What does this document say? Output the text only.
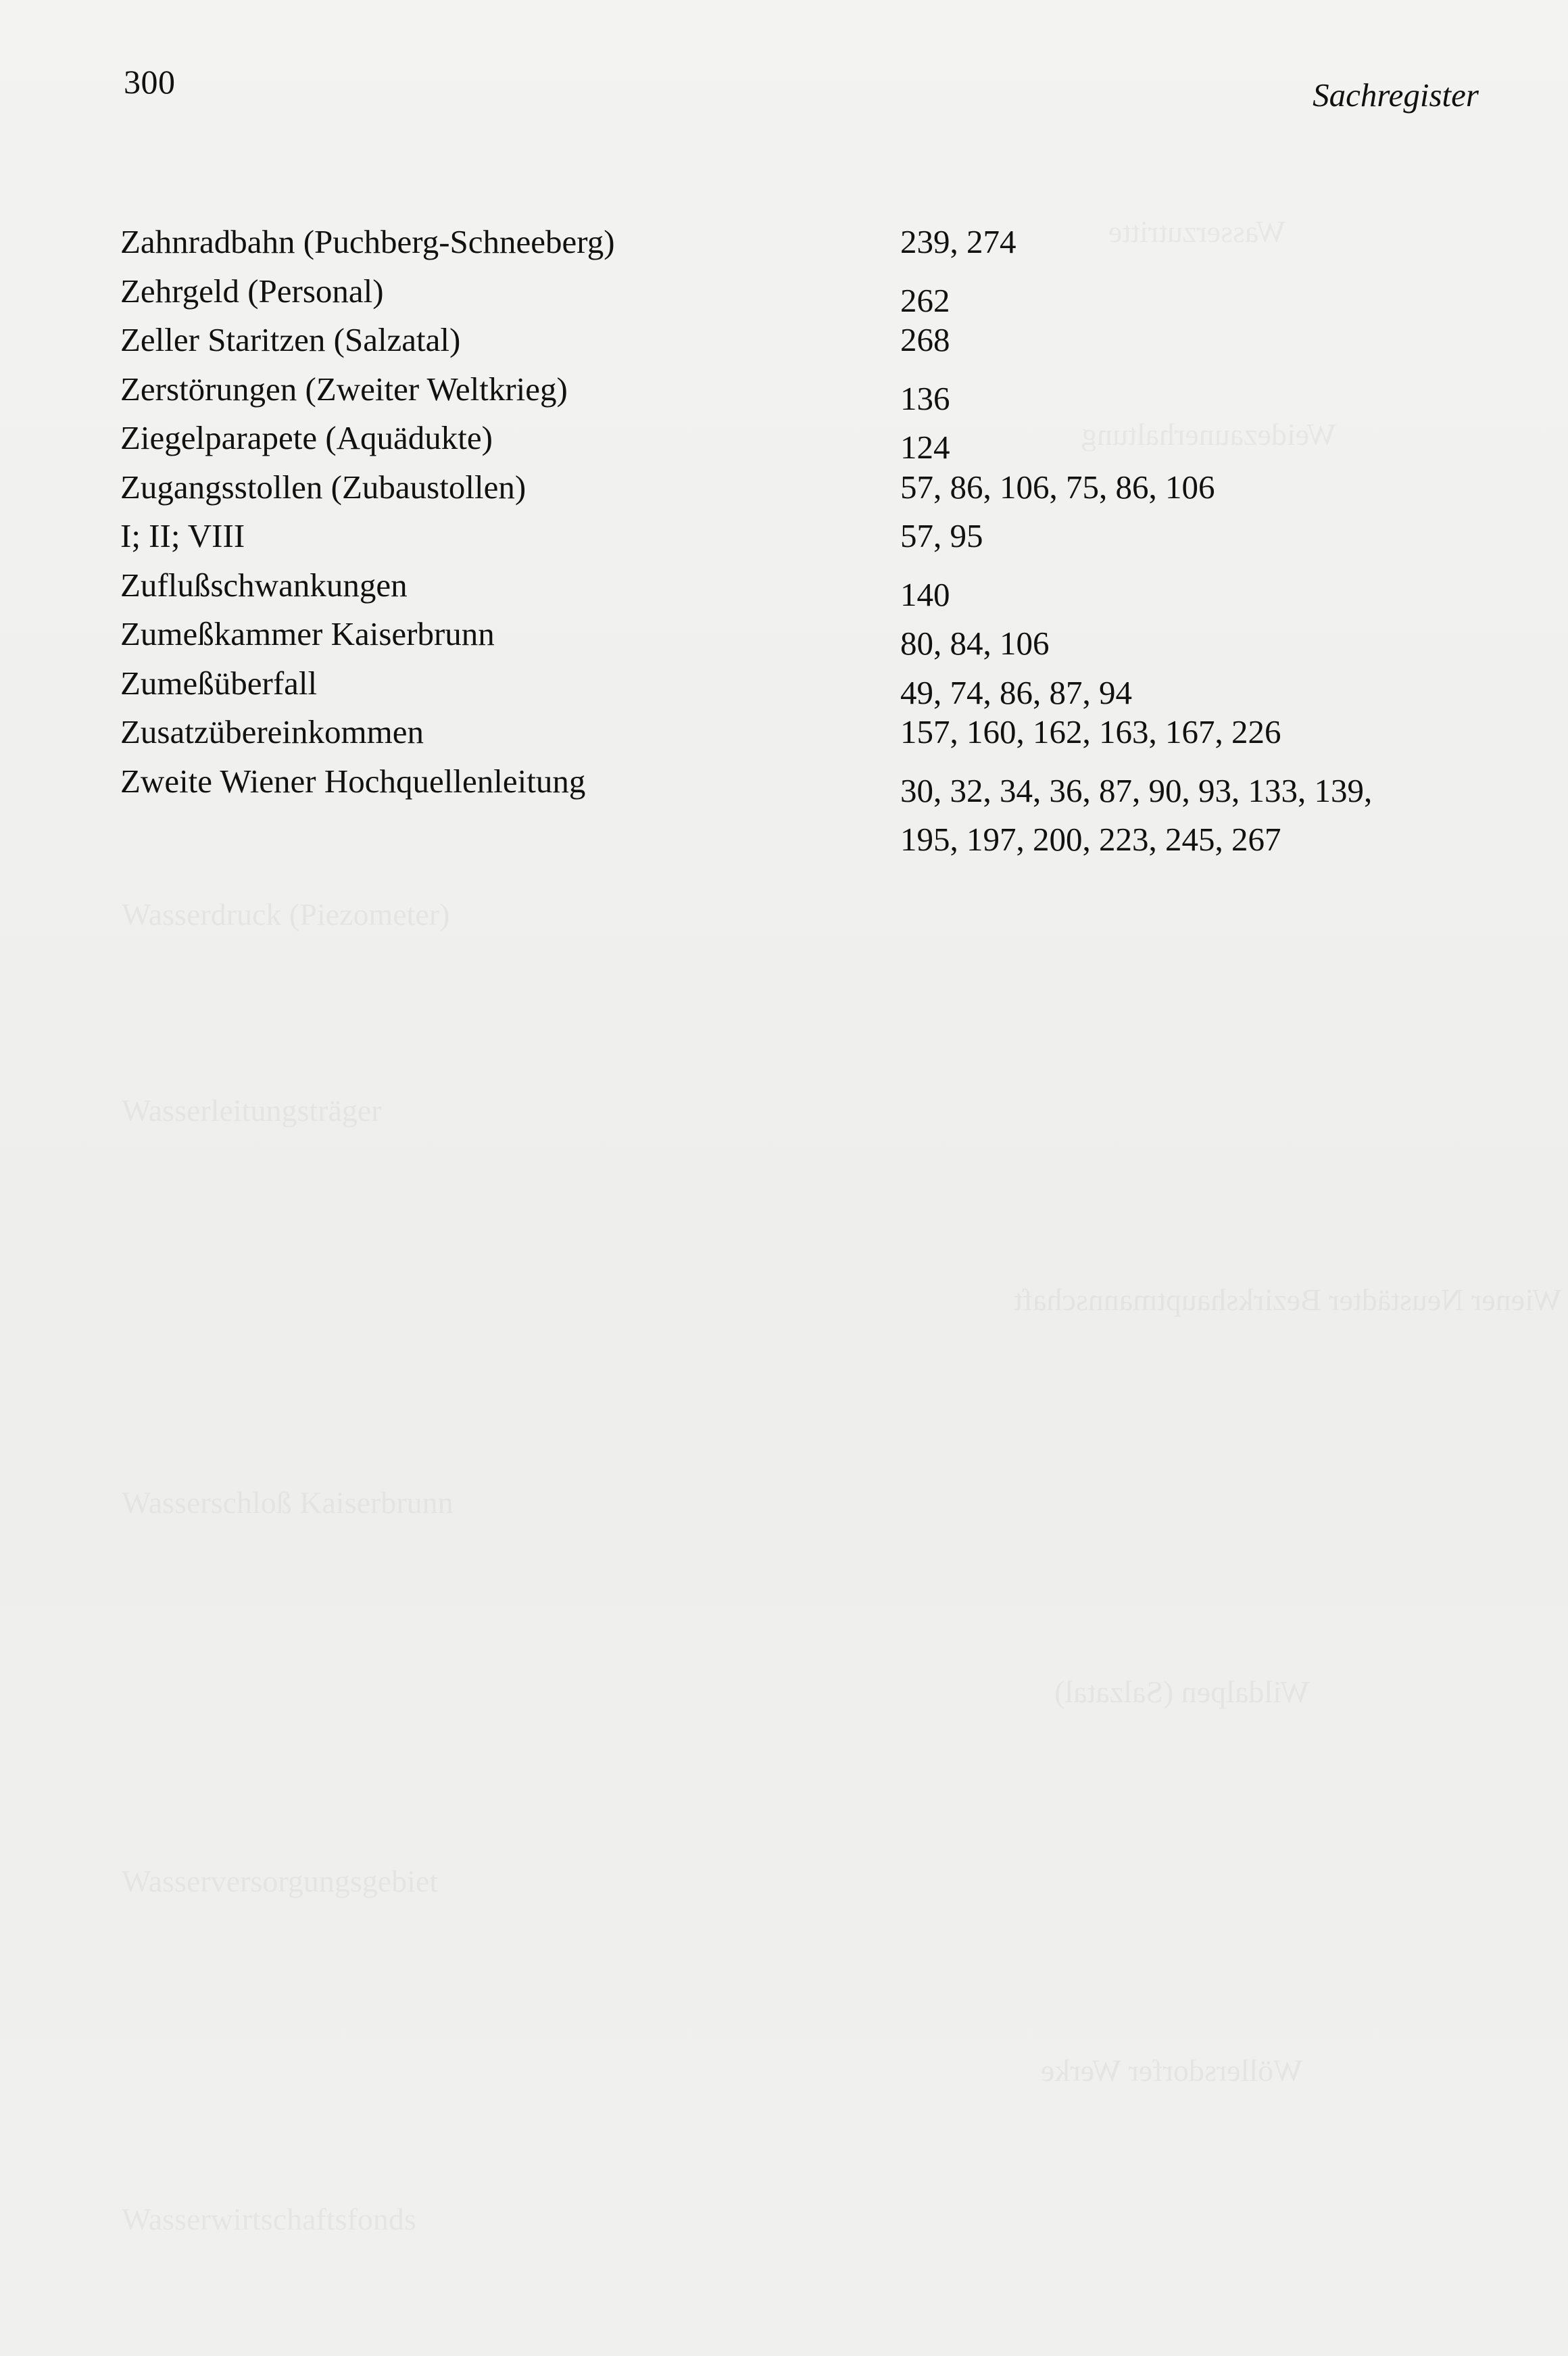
300	Sachregister
Zahnradbahn (Puchberg-Schneeberg)	239, 274
Zehrgeld (Personal)	262
Zeller Staritzen (Salzatal)	268
Zerstörungen (Zweiter Weltkrieg)	136
Ziegelparapete (Aquädukte)	124
Zugangsstollen (Zubaustollen)	57, 86, 106, 75, 86, 106
I; II; VIII	57, 95
Zuflußschwankungen	140
Zumeßkammer Kaiserbrunn	80, 84, 106
Zumeßüberfall	49, 74, 86, 87, 94
Zusatzübereinkommen	157, 160, 162, 163, 167, 226
Zweite Wiener Hochquellenleitung	30, 32, 34, 36, 87, 90, 93, 133, 139,
195, 197, 200, 223, 245, 267
